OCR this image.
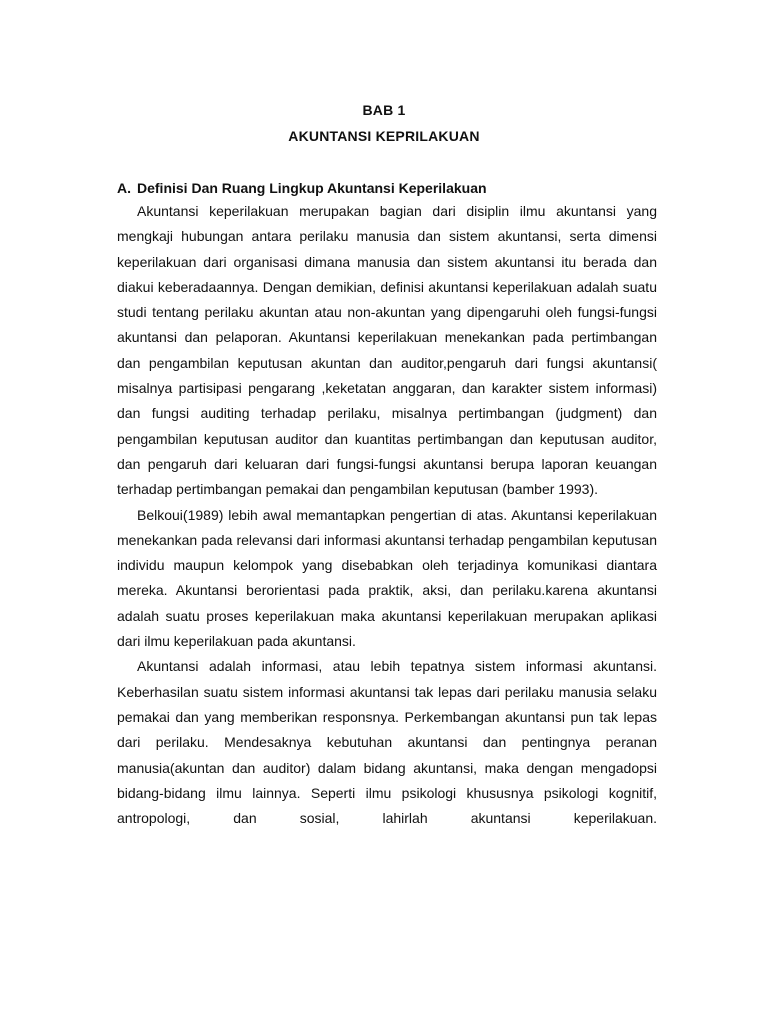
BAB 1
AKUNTANSI KEPRILAKUAN
A. Definisi Dan Ruang Lingkup Akuntansi Keperilakuan

Akuntansi keperilakuan merupakan bagian dari disiplin ilmu akuntansi yang mengkaji hubungan antara perilaku manusia dan sistem akuntansi, serta dimensi keperilakuan dari organisasi dimana manusia dan sistem akuntansi itu berada dan diakui keberadaannya. Dengan demikian, definisi akuntansi keperilakuan adalah suatu studi tentang perilaku akuntan atau non-akuntan yang dipengaruhi oleh fungsi-fungsi akuntansi dan pelaporan. Akuntansi keperilakuan menekankan pada pertimbangan dan pengambilan keputusan akuntan dan auditor,pengaruh dari fungsi akuntansi( misalnya partisipasi pengarang ,keketatan anggaran, dan karakter sistem informasi) dan fungsi auditing terhadap perilaku, misalnya pertimbangan (judgment) dan pengambilan keputusan auditor dan kuantitas pertimbangan dan keputusan auditor, dan pengaruh dari keluaran dari fungsi-fungsi akuntansi berupa laporan keuangan terhadap pertimbangan pemakai dan pengambilan keputusan (bamber 1993).

Belkoui(1989) lebih awal memantapkan pengertian di atas. Akuntansi keperilakuan menekankan pada relevansi dari informasi akuntansi terhadap pengambilan keputusan individu maupun kelompok yang disebabkan oleh terjadinya komunikasi diantara mereka. Akuntansi berorientasi pada praktik, aksi, dan perilaku.karena akuntansi adalah suatu proses keperilakuan maka akuntansi keperilakuan merupakan aplikasi dari ilmu keperilakuan pada akuntansi.

Akuntansi adalah informasi, atau lebih tepatnya sistem informasi akuntansi. Keberhasilan suatu sistem informasi akuntansi tak lepas dari perilaku manusia selaku pemakai dan yang memberikan responsnya. Perkembangan akuntansi pun tak lepas dari perilaku. Mendesaknya kebutuhan akuntansi dan pentingnya peranan manusia(akuntan dan auditor) dalam bidang akuntansi, maka dengan mengadopsi bidang-bidang ilmu lainnya. Seperti ilmu psikologi khususnya psikologi kognitif, antropologi, dan sosial, lahirlah akuntansi keperilakuan.
